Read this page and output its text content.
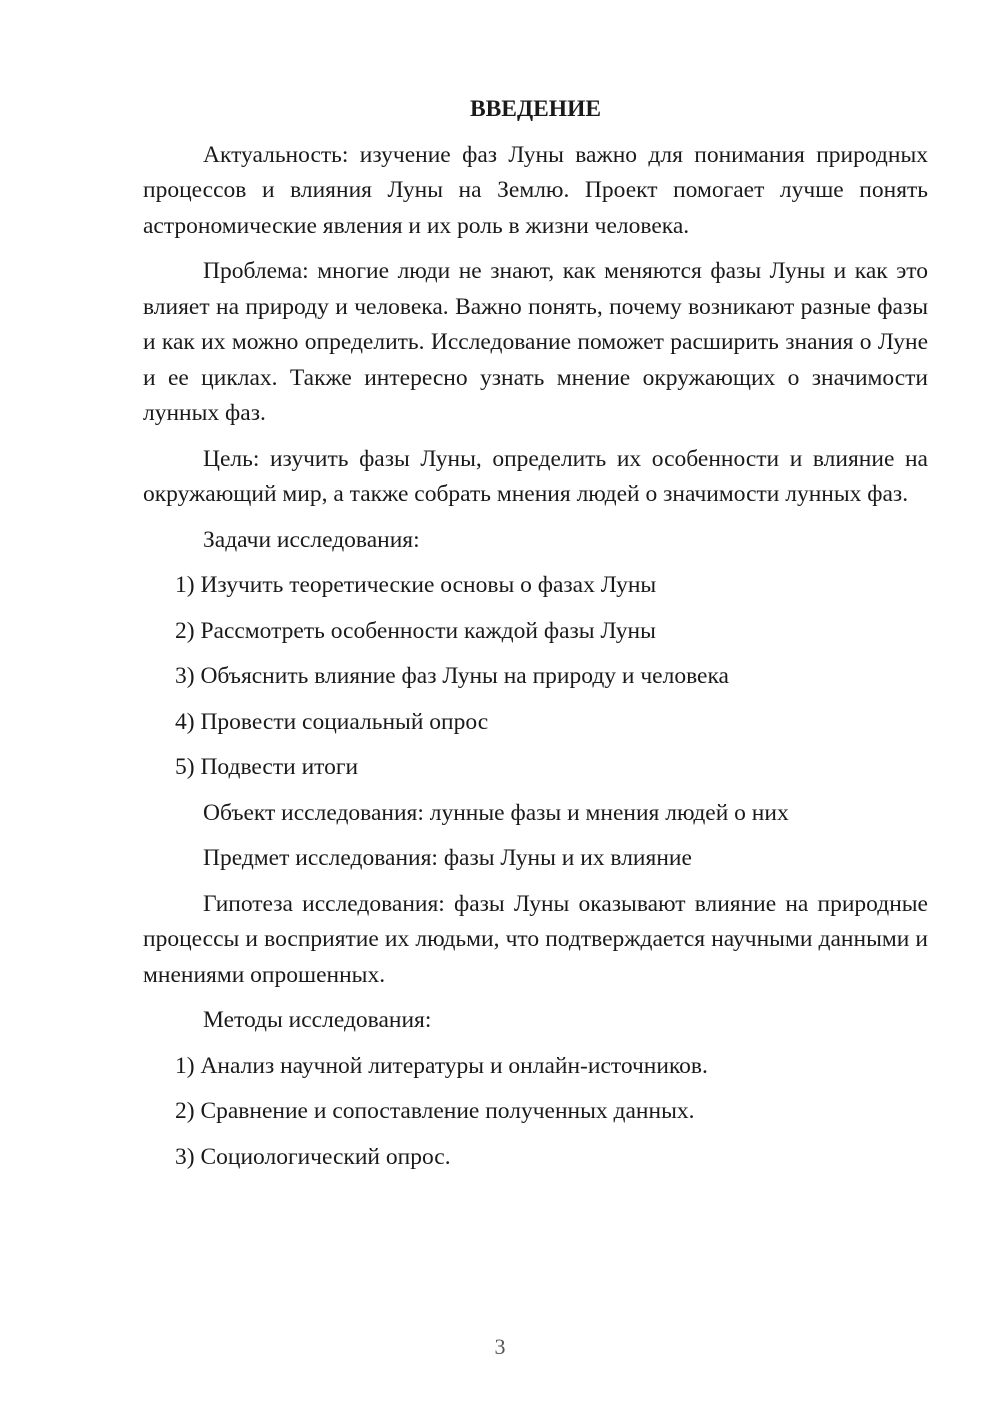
ВВЕДЕНИЕ
Актуальность: изучение фаз Луны важно для понимания природных процессов и влияния Луны на Землю. Проект помогает лучше понять астрономические явления и их роль в жизни человека.
Проблема: многие люди не знают, как меняются фазы Луны и как это влияет на природу и человека. Важно понять, почему возникают разные фазы и как их можно определить. Исследование поможет расширить знания о Луне и ее циклах. Также интересно узнать мнение окружающих о значимости лунных фаз.
Цель: изучить фазы Луны, определить их особенности и влияние на окружающий мир, а также собрать мнения людей о значимости лунных фаз.
Задачи исследования:
1) Изучить теоретические основы о фазах Луны
2) Рассмотреть особенности каждой фазы Луны
3) Объяснить влияние фаз Луны на природу и человека
4) Провести социальный опрос
5) Подвести итоги
Объект исследования: лунные фазы и мнения людей о них
Предмет исследования: фазы Луны и их влияние
Гипотеза исследования: фазы Луны оказывают влияние на природные процессы и восприятие их людьми, что подтверждается научными данными и мнениями опрошенных.
Методы исследования:
1) Анализ научной литературы и онлайн-источников.
2) Сравнение и сопоставление полученных данных.
3) Социологический опрос.
3
